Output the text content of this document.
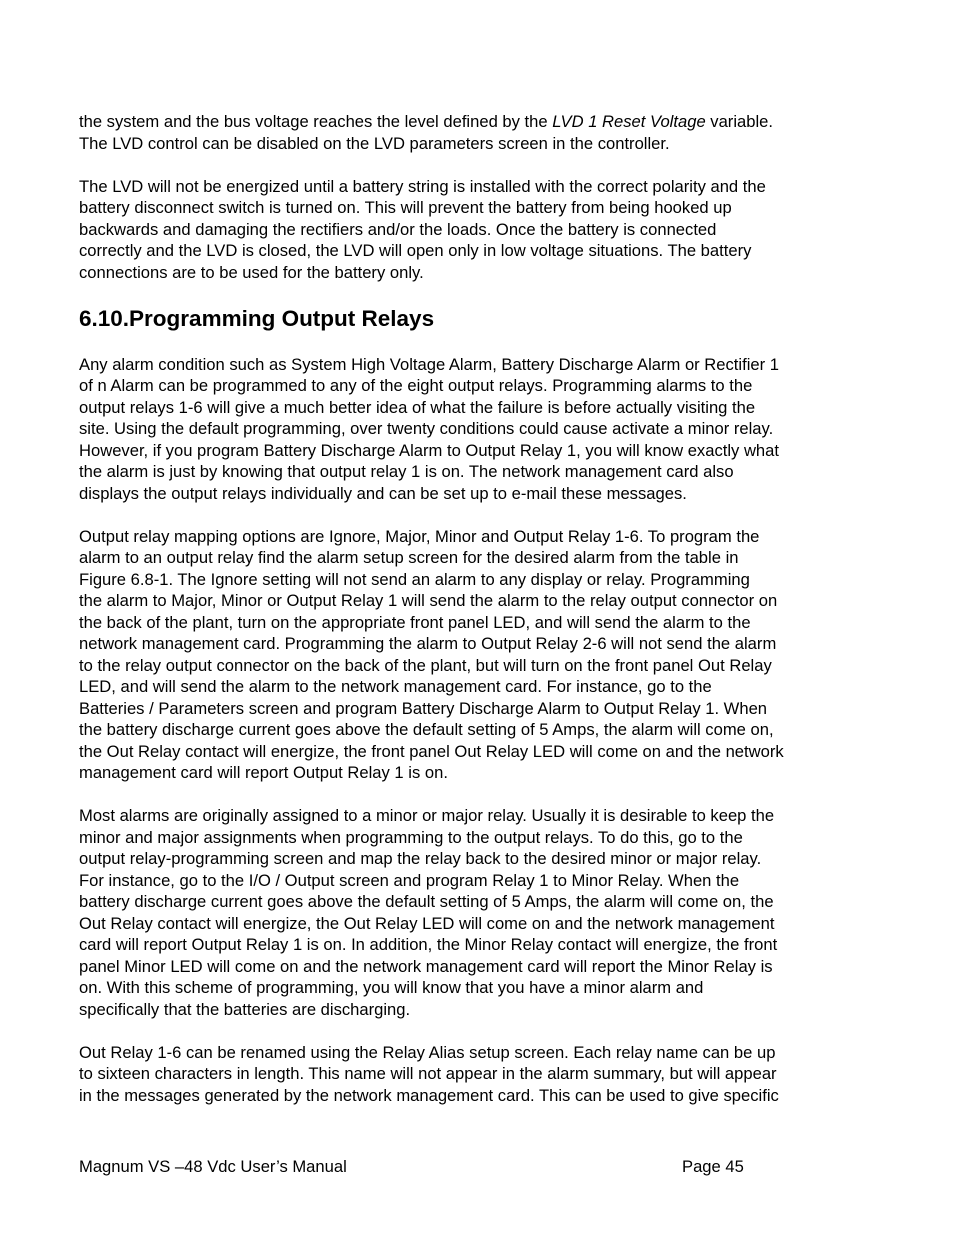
the system and the bus voltage reaches the level defined by the LVD 1 Reset Voltage variable.
The LVD control can be disabled on the LVD parameters screen in the controller.

The LVD will not be energized until a battery string is installed with the correct polarity and the
battery disconnect switch is turned on. This will prevent the battery from being hooked up
backwards and damaging the rectifiers and/or the loads. Once the battery is connected
correctly and the LVD is closed, the LVD will open only in low voltage situations. The battery
connections are to be used for the battery only.

6.10.Programming Output Relays

Any alarm condition such as System High Voltage Alarm, Battery Discharge Alarm or Rectifier 1
of n Alarm can be programmed to any of the eight output relays. Programming alarms to the
output relays 1-6 will give a much better idea of what the failure is before actually visiting the
site. Using the default programming, over twenty conditions could cause activate a minor relay.
However, if you program Battery Discharge Alarm to Output Relay 1, you will know exactly what
the alarm is just by knowing that output relay 1 is on. The network management card also
displays the output relays individually and can be set up to e-mail these messages.

Output relay mapping options are Ignore, Major, Minor and Output Relay 1-6. To program the
alarm to an output relay find the alarm setup screen for the desired alarm from the table in
Figure 6.8-1. The Ignore setting will not send an alarm to any display or relay. Programming
the alarm to Major, Minor or Output Relay 1 will send the alarm to the relay output connector on
the back of the plant, turn on the appropriate front panel LED, and will send the alarm to the
network management card. Programming the alarm to Output Relay 2-6 will not send the alarm
to the relay output connector on the back of the plant, but will turn on the front panel Out Relay
LED, and will send the alarm to the network management card. For instance, go to the
Batteries / Parameters screen and program Battery Discharge Alarm to Output Relay 1. When
the battery discharge current goes above the default setting of 5 Amps, the alarm will come on,
the Out Relay contact will energize, the front panel Out Relay LED will come on and the network
management card will report Output Relay 1 is on.

Most alarms are originally assigned to a minor or major relay. Usually it is desirable to keep the
minor and major assignments when programming to the output relays. To do this, go to the
output relay-programming screen and map the relay back to the desired minor or major relay.
For instance, go to the I/O / Output screen and program Relay 1 to Minor Relay. When the
battery discharge current goes above the default setting of 5 Amps, the alarm will come on, the
Out Relay contact will energize, the Out Relay LED will come on and the network management
card will report Output Relay 1 is on. In addition, the Minor Relay contact will energize, the front
panel Minor LED will come on and the network management card will report the Minor Relay is
on. With this scheme of programming, you will know that you have a minor alarm and
specifically that the batteries are discharging.

Out Relay 1-6 can be renamed using the Relay Alias setup screen. Each relay name can be up
to sixteen characters in length. This name will not appear in the alarm summary, but will appear
in the messages generated by the network management card. This can be used to give specific

Magnum VS –48 Vdc User’s Manual	Page 45
